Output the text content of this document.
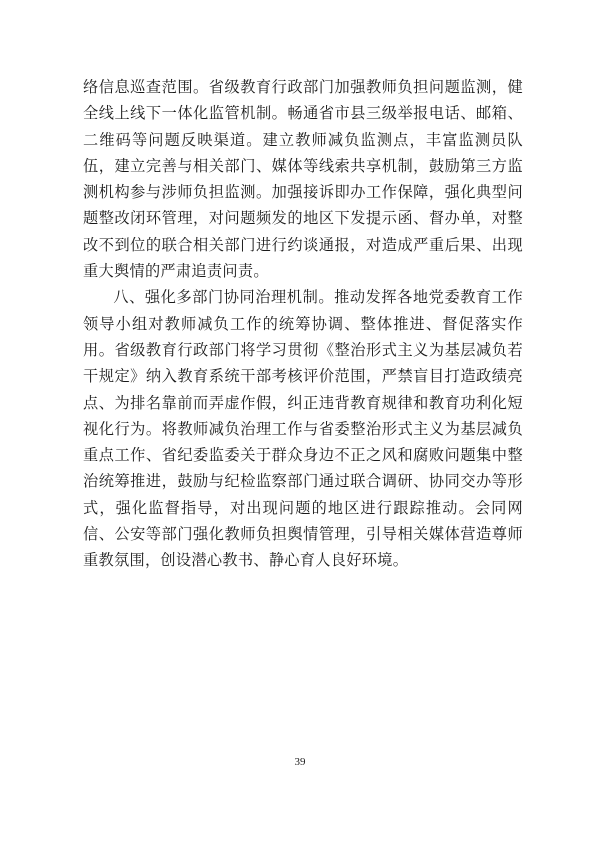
络信息巡查范围。省级教育行政部门加强教师负担问题监测，健全线上线下一体化监管机制。畅通省市县三级举报电话、邮箱、二维码等问题反映渠道。建立教师减负监测点，丰富监测员队伍，建立完善与相关部门、媒体等线索共享机制，鼓励第三方监测机构参与涉师负担监测。加强接诉即办工作保障，强化典型问题整改闭环管理，对问题频发的地区下发提示函、督办单，对整改不到位的联合相关部门进行约谈通报，对造成严重后果、出现重大舆情的严肃追责问责。

八、强化多部门协同治理机制。推动发挥各地党委教育工作领导小组对教师减负工作的统筹协调、整体推进、督促落实作用。省级教育行政部门将学习贯彻《整治形式主义为基层减负若干规定》纳入教育系统干部考核评价范围，严禁盲目打造政绩亮点、为排名靠前而弄虚作假，纠正违背教育规律和教育功利化短视化行为。将教师减负治理工作与省委整治形式主义为基层减负重点工作、省纪委监委关于群众身边不正之风和腐败问题集中整治统筹推进，鼓励与纪检监察部门通过联合调研、协同交办等形式，强化监督指导，对出现问题的地区进行跟踪推动。会同网信、公安等部门强化教师负担舆情管理，引导相关媒体营造尊师重教氛围，创设潜心教书、静心育人良好环境。

39
